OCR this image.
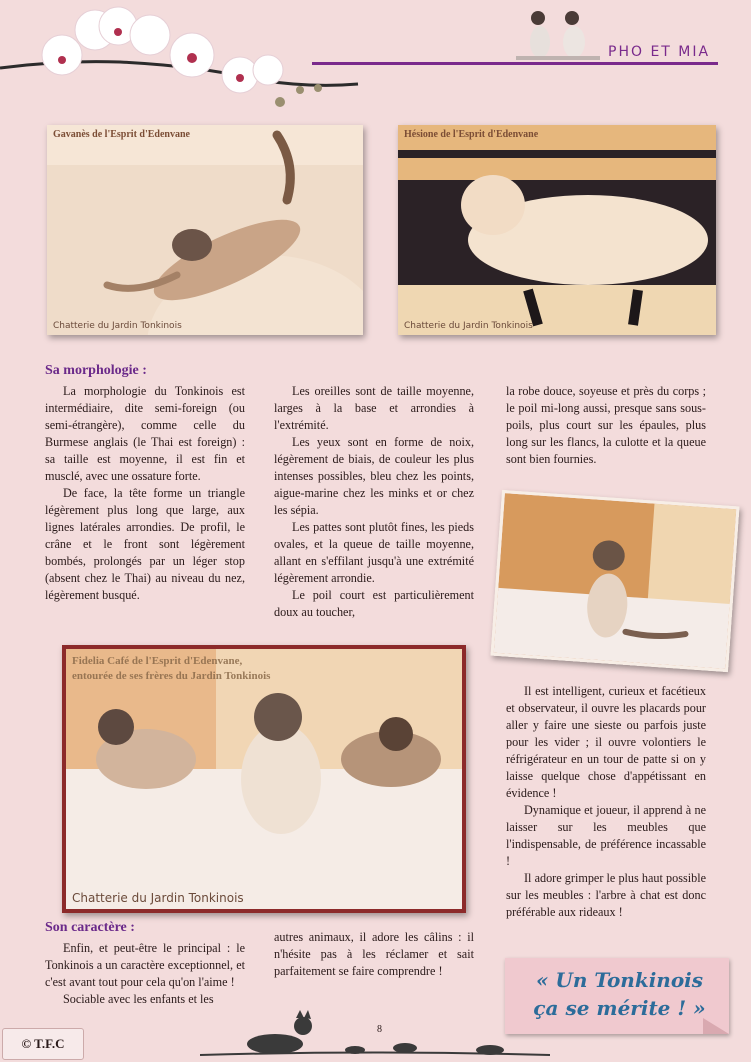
PHO ET MIA
Gavanès de l'Esprit d'Edenvane
Chatterie du Jardin Tonkinois
Hésione de l'Esprit d'Edenvane
Chatterie du Jardin Tonkinois
Sa morphologie :

La morphologie du Tonkinois est intermédiaire, dite semi-foreign (ou semi-étrangère), comme celle du Burmese anglais (le Thai est foreign) : sa taille est moyenne, il est fin et musclé, avec une ossature forte.

De face, la tête forme un triangle légèrement plus long que large, aux lignes latérales arrondies. De profil, le crâne et le front sont légèrement bombés, prolongés par un léger stop (absent chez le Thai) au niveau du nez, légèrement busqué.

Les oreilles sont de taille moyenne, larges à la base et arrondies à l'extrémité.

Les yeux sont en forme de noix, légèrement de biais, de couleur les plus intenses possibles, bleu chez les points, aigue-marine chez les minks et or chez les sépia.

Les pattes sont plutôt fines, les pieds ovales, et la queue de taille moyenne, allant en s'effilant jusqu'à une extrémité légèrement arrondie.

Le poil court est particulièrement doux au toucher,

la robe douce, soyeuse et près du corps ; le poil mi-long aussi, presque sans sous-poils, plus court sur les épaules, plus long sur les flancs, la culotte et la queue sont bien fournies.

Fidelia Café de l'Esprit d'Edenvane,
entourée de ses frères du Jardin Tonkinois
Chatterie du Jardin Tonkinois

Il est intelligent, curieux et facétieux et observateur, il ouvre les placards pour aller y faire une sieste ou parfois juste pour les vider ; il ouvre volontiers le réfrigérateur en un tour de patte si on y laisse quelque chose d'appétissant en évidence !

Dynamique et joueur, il apprend à ne laisser sur les meubles que l'indispensable, de préférence incassable !

Il adore grimper le plus haut possible sur les meubles : l'arbre à chat est donc préférable aux rideaux !

Son caractère :

Enfin, et peut-être le principal : le Tonkinois a un caractère exceptionnel, et c'est avant tout pour cela qu'on l'aime !

Sociable avec les enfants et les

autres animaux, il adore les câlins : il n'hésite pas à les réclamer et sait parfaitement se faire comprendre !	« Un Tonkinois
ça se mérite ! »
© T.F.C
8
